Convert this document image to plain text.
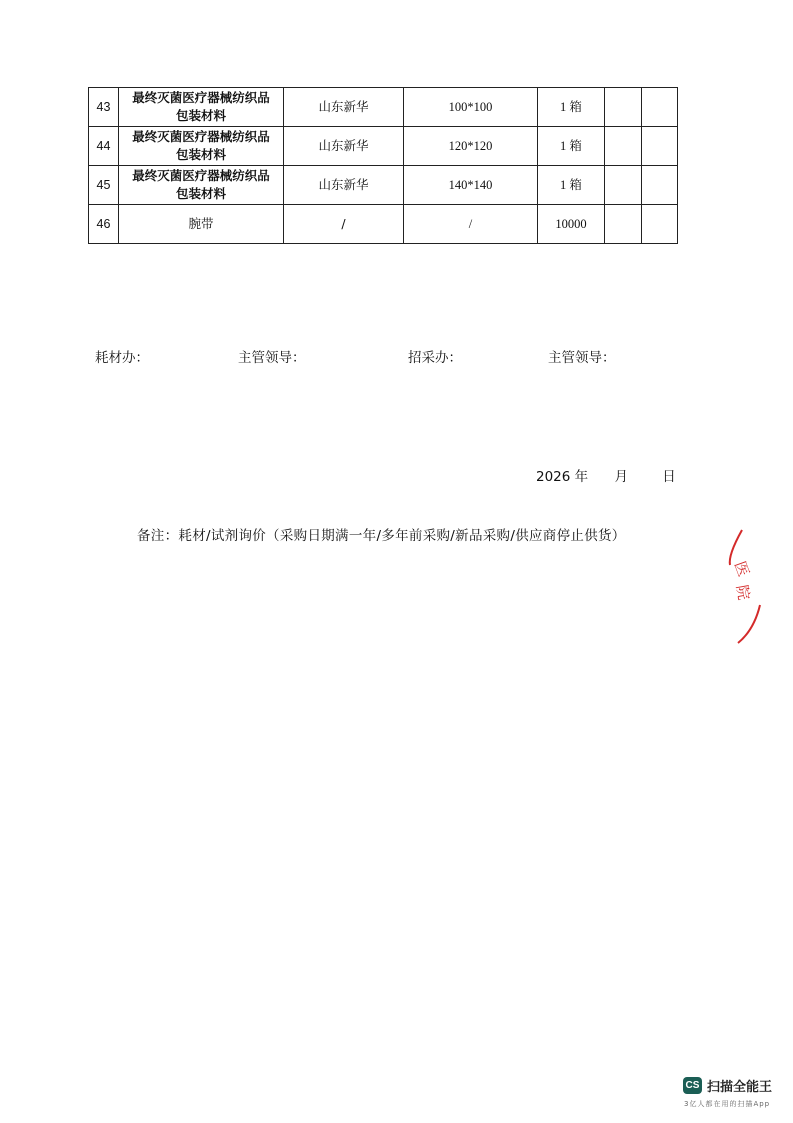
43	最终灭菌医疗器械纺织品
包装材料	山东新华	100*100	1 箱		
44	最终灭菌医疗器械纺织品
包装材料	山东新华	120*120	1 箱		
45	最终灭菌医疗器械纺织品
包装材料	山东新华	140*140	1 箱		
46	腕带	/	/	10000		
耗材办：	主管领导：	招采办：	主管领导：
2026 年 月	日
备注：耗材/试剂询价（采购日期满一年/多年前采购/新品采购/供应商停止供货）
医
院
CS 扫描全能王
3亿人都在用的扫描App
